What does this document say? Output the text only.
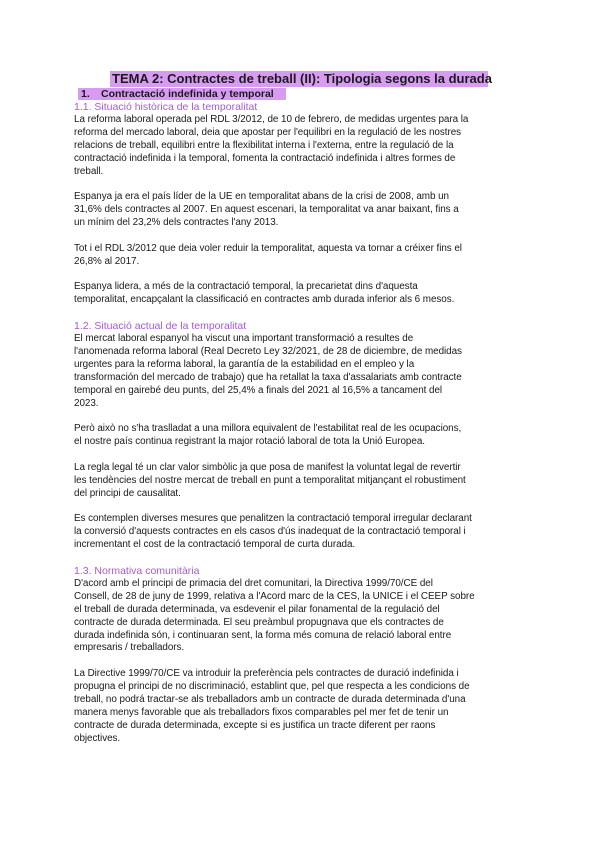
TEMA 2: Contractes de treball (II): Tipologia segons la durada
1. Contractació indefinida y temporal
1.1. Situació històrica de la temporalitat
La reforma laboral operada pel RDL 3/2012, de 10 de febrero, de medidas urgentes para la
reforma del mercado laboral, deia que apostar per l'equilibri en la regulació de les nostres
relacions de treball, equilibri entre la flexibilitat interna i l'externa, entre la regulació de la
contractació indefinida i la temporal, fomenta la contractació indefinida i altres formes de
treball.
Espanya ja era el país líder de la UE en temporalitat abans de la crisi de 2008, amb un
31,6% dels contractes al 2007. En aquest escenari, la temporalitat va anar baixant, fins a
un mínim del 23,2% dels contractes l'any 2013.
Tot i el RDL 3/2012 que deia voler reduir la temporalitat, aquesta va tornar a créixer fins el
26,8% al 2017.
Espanya lidera, a més de la contractació temporal, la precarietat dins d'aquesta
temporalitat, encapçalant la classificació en contractes amb durada inferior als 6 mesos.
1.2. Situació actual de la temporalitat
El mercat laboral espanyol ha viscut una important transformació a resultes de
l'anomenada reforma laboral (Real Decreto Ley 32/2021, de 28 de diciembre, de medidas
urgentes para la reforma laboral, la garantía de la estabilidad en el empleo y la
transformación del mercado de trabajo) que ha retallat la taxa d'assalariats amb contracte
temporal en gairebé deu punts, del 25,4% a finals del 2021 al 16,5% a tancament del
2023.
Però això no s'ha traslladat a una millora equivalent de l'estabilitat real de les ocupacions,
el nostre país continua registrant la major rotació laboral de tota la Unió Europea.
La regla legal té un clar valor simbòlic ja que posa de manifest la voluntat legal de revertir
les tendències del nostre mercat de treball en punt a temporalitat mitjançant el robustiment
del principi de causalitat.
Es contemplen diverses mesures que penalitzen la contractació temporal irregular declarant
la conversió d'aquests contractes en els casos d'ús inadequat de la contractació temporal i
incrementant el cost de la contractació temporal de curta durada.
1.3. Normativa comunitària
D'acord amb el principi de primacia del dret comunitari, la Directiva 1999/70/CE del
Consell, de 28 de juny de 1999, relativa a l'Acord marc de la CES, la UNICE i el CEEP sobre
el treball de durada determinada, va esdevenir el pilar fonamental de la regulació del
contracte de durada determinada. El seu preàmbul propugnava que els contractes de
durada indefinida són, i continuaran sent, la forma més comuna de relació laboral entre
empresaris / treballadors.
La Directive 1999/70/CE va introduir la preferència pels contractes de duració indefinida i
propugna el principi de no discriminació, establint que, pel que respecta a les condicions de
treball, no podrá tractar-se als treballadors amb un contracte de durada determinada d'una
manera menys favorable que als treballadors fixos comparables pel mer fet de tenir un
contracte de durada determinada, excepte si es justifica un tracte diferent per raons
objectives.
